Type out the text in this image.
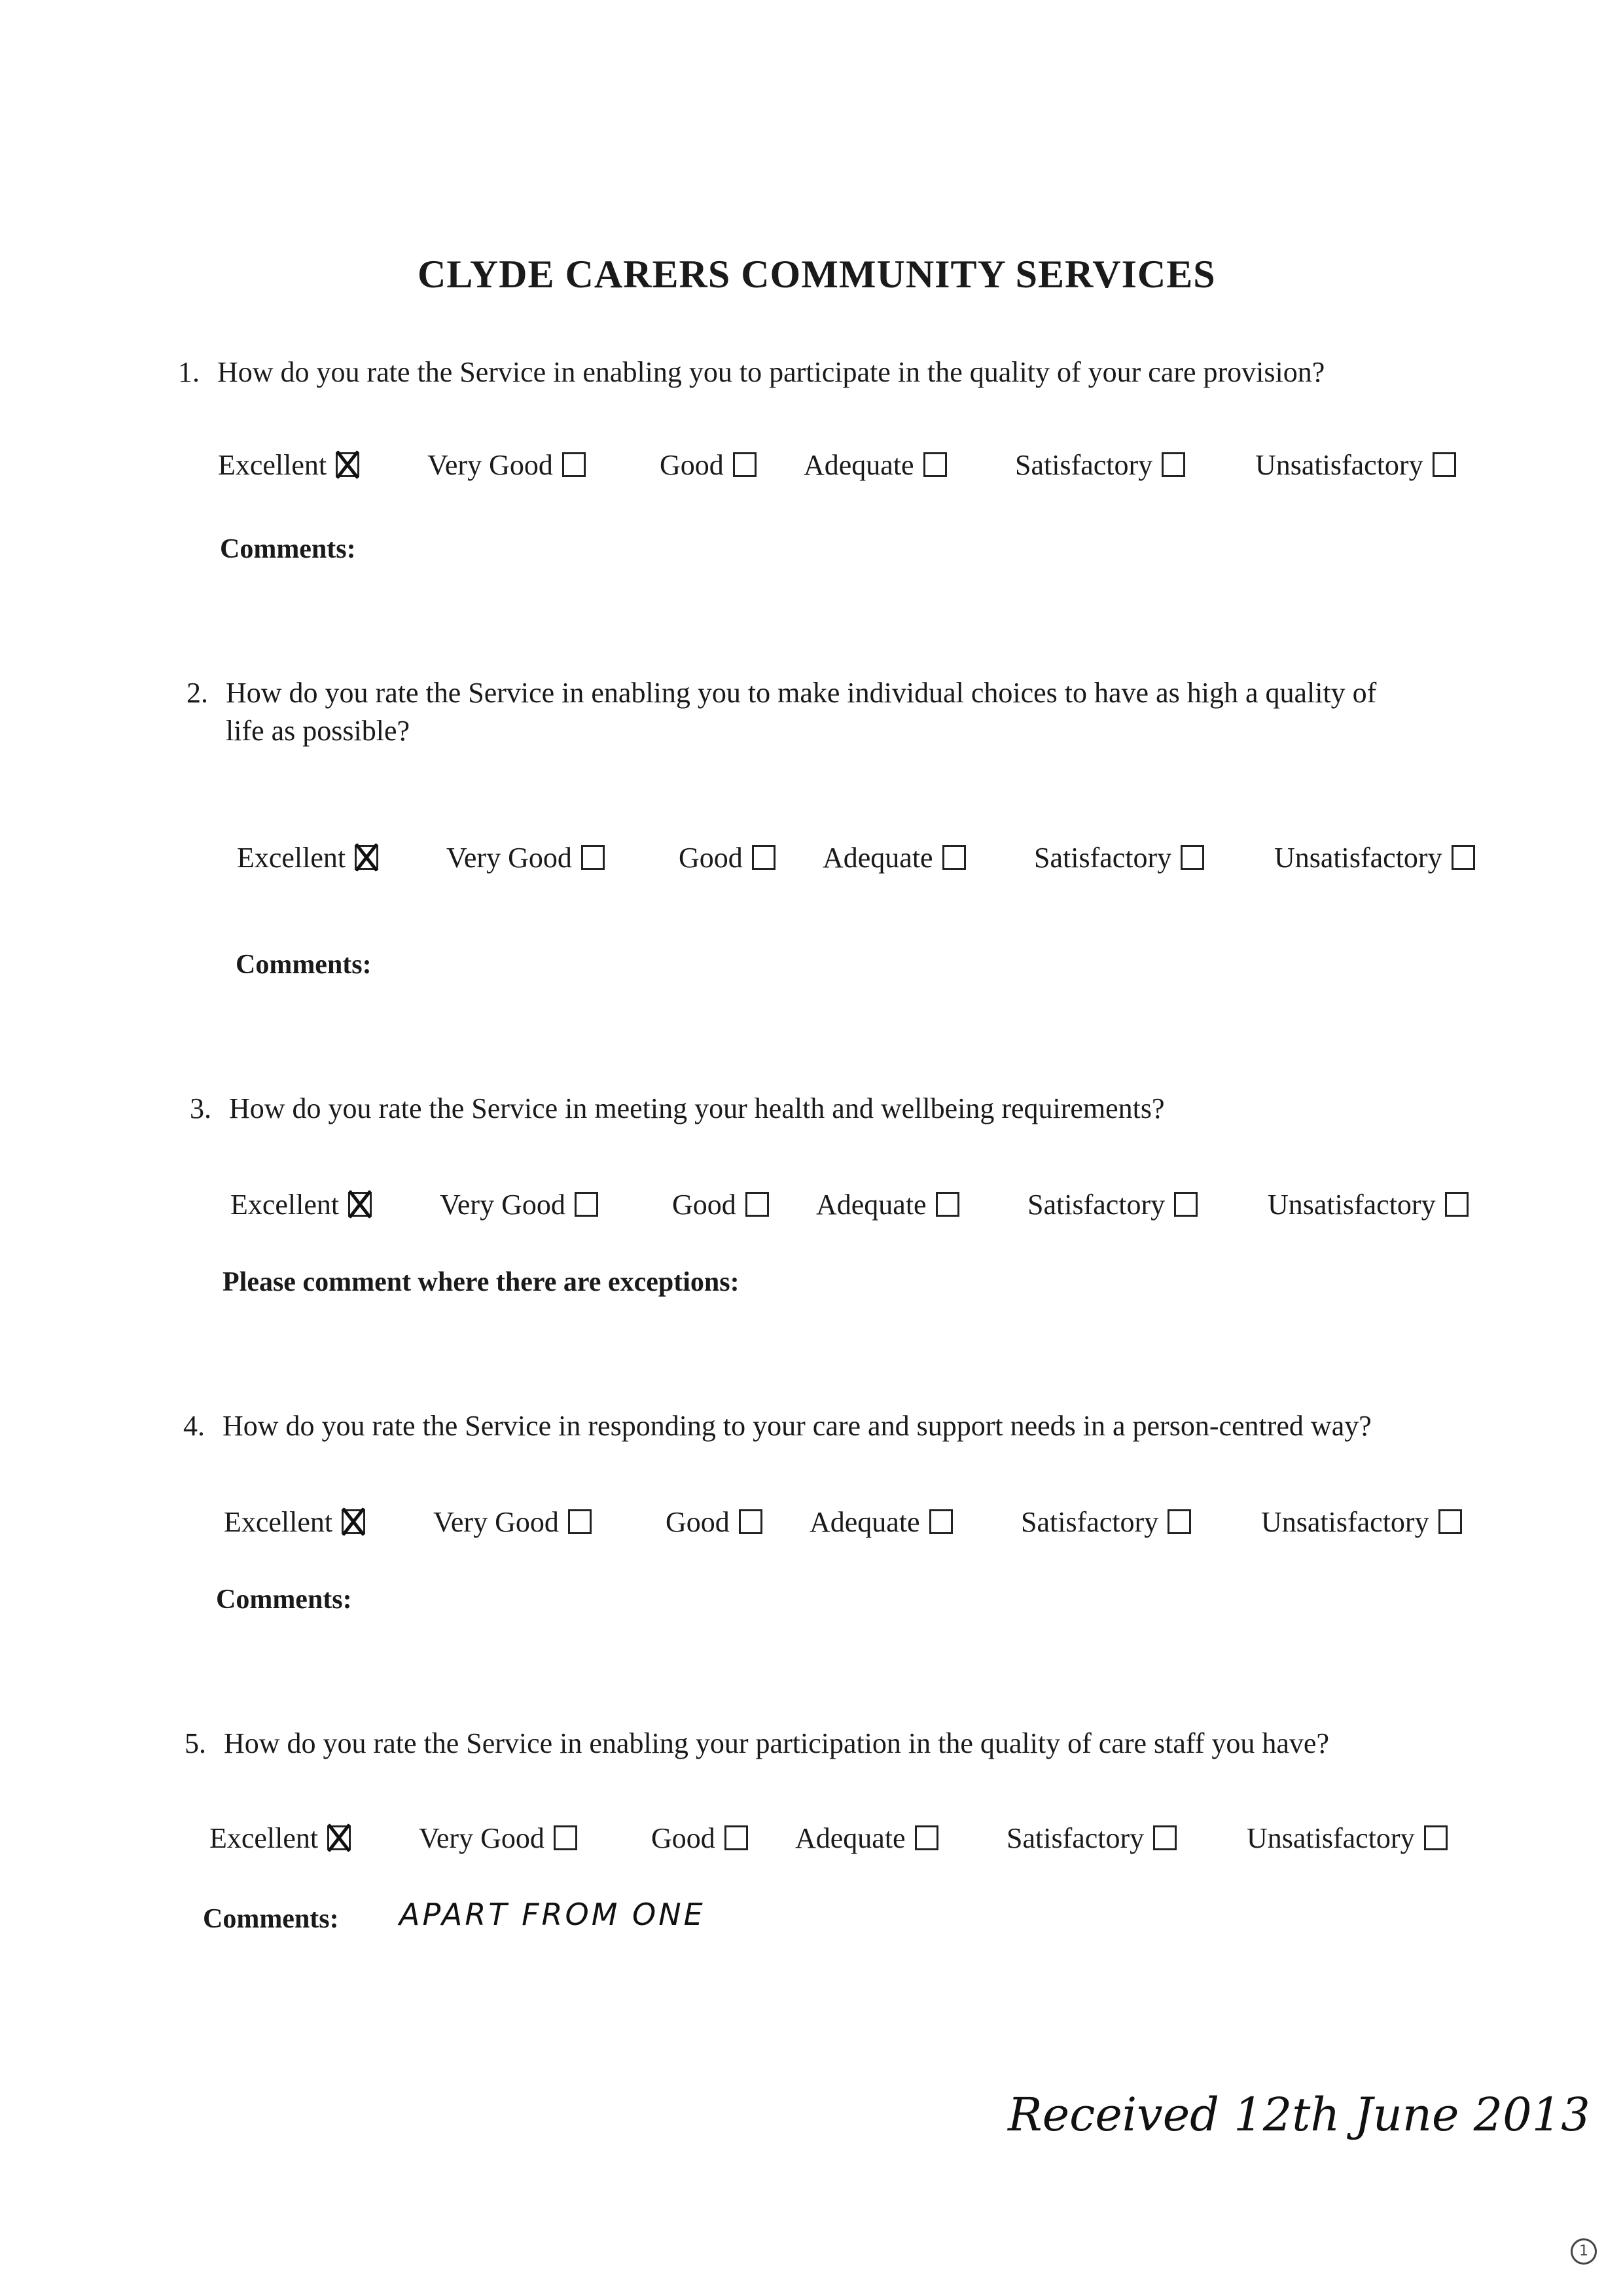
CLYDE CARERS COMMUNITY SERVICES
1. How do you rate the Service in enabling you to participate in the quality of your care provision?
Excellent	Very Good	Good	Adequate	Satisfactory	Unsatisfactory
Comments:
2. How do you rate the Service in enabling you to make individual choices to have as high a quality of life as possible?
Excellent	Very Good	Good	Adequate	Satisfactory	Unsatisfactory
Comments:
3. How do you rate the Service in meeting your health and wellbeing requirements?
Excellent	Very Good	Good	Adequate	Satisfactory	Unsatisfactory
Please comment where there are exceptions:
4. How do you rate the Service in responding to your care and support needs in a person-centred way?
Excellent	Very Good	Good	Adequate	Satisfactory	Unsatisfactory
Comments:
5. How do you rate the Service in enabling your participation in the quality of care staff you have?
Excellent	Very Good	Good	Adequate	Satisfactory	Unsatisfactory
Comments: APART FROM ONE
Received 12th June 2013
1
